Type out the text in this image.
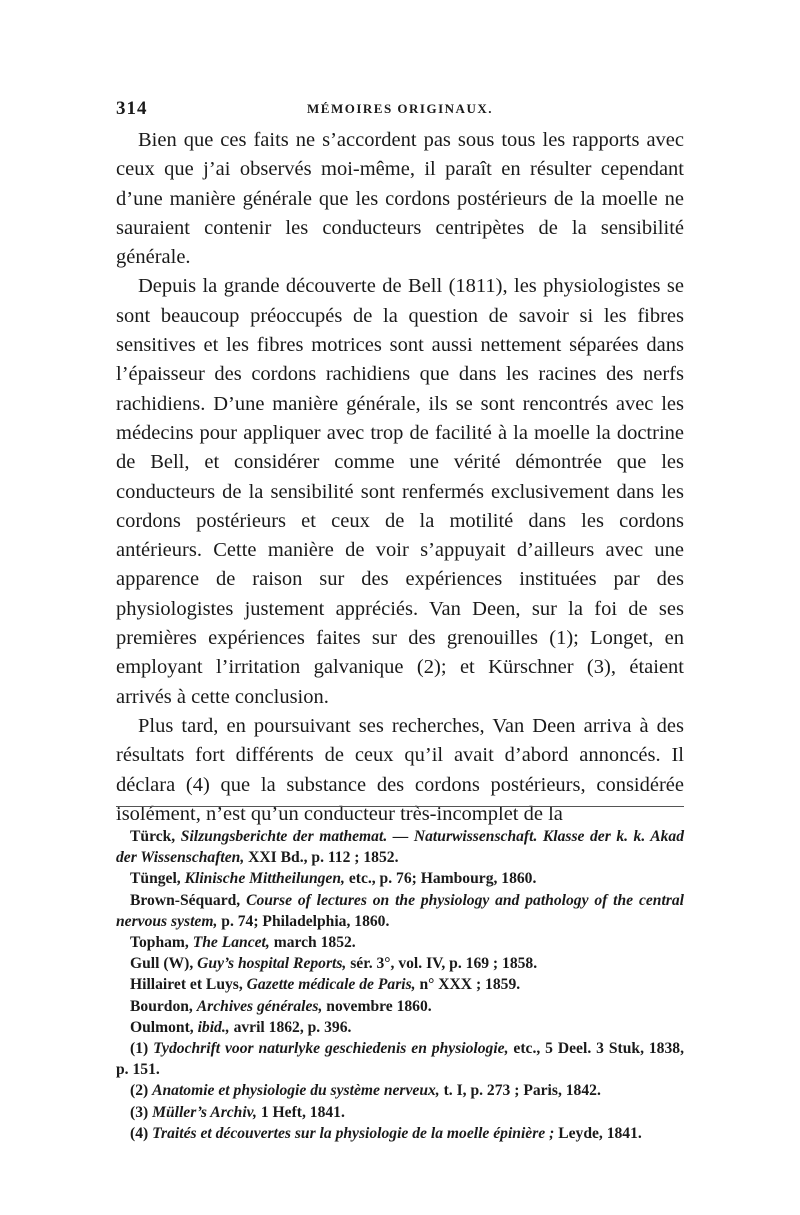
314	MÉMOIRES ORIGINAUX.

Bien que ces faits ne s’accordent pas sous tous les rapports avec ceux que j’ai observés moi-même, il paraît en résulter cependant d’une manière générale que les cordons postérieurs de la moelle ne sauraient contenir les conducteurs centripètes de la sensibilité générale.

Depuis la grande découverte de Bell (1811), les physiologistes se sont beaucoup préoccupés de la question de savoir si les fibres sensitives et les fibres motrices sont aussi nettement séparées dans l’épaisseur des cordons rachidiens que dans les racines des nerfs rachidiens. D’une manière générale, ils se sont rencontrés avec les médecins pour appliquer avec trop de facilité à la moelle la doctrine de Bell, et considérer comme une vérité démontrée que les conducteurs de la sensibilité sont renfermés exclusivement dans les cordons postérieurs et ceux de la motilité dans les cordons antérieurs. Cette manière de voir s’appuyait d’ailleurs avec une apparence de raison sur des expériences instituées par des physiologistes justement appréciés. Van Deen, sur la foi de ses premières expériences faites sur des grenouilles (1); Longet, en employant l’irritation galvanique (2); et Kürschner (3), étaient arrivés à cette conclusion.

Plus tard, en poursuivant ses recherches, Van Deen arriva à des résultats fort différents de ceux qu’il avait d’abord annoncés. Il déclara (4) que la substance des cordons postérieurs, considérée isolément, n’est qu’un conducteur très-incomplet de la

Türck, Silzungsberichte der mathemat. — Naturwissenschaft. Klasse der k. k. Akad der Wissenschaften, XXI Bd., p. 112 ; 1852.

Tüngel, Klinische Mittheilungen, etc., p. 76; Hambourg, 1860.

Brown-Séquard, Course of lectures on the physiology and pathology of the central nervous system, p. 74; Philadelphia, 1860.

Topham, The Lancet, march 1852.

Gull (W), Guy’s hospital Reports, sér. 3°, vol. IV, p. 169 ; 1858.

Hillairet et Luys, Gazette médicale de Paris, n° XXX ; 1859.

Bourdon, Archives générales, novembre 1860.

Oulmont, ibid., avril 1862, p. 396.

(1) Tydochrift voor naturlyke geschiedenis en physiologie, etc., 5 Deel. 3 Stuk, 1838, p. 151.

(2) Anatomie et physiologie du système nerveux, t. I, p. 273 ; Paris, 1842.

(3) Müller’s Archiv, 1 Heft, 1841.

(4) Traités et découvertes sur la physiologie de la moelle épinière ; Leyde, 1841.
